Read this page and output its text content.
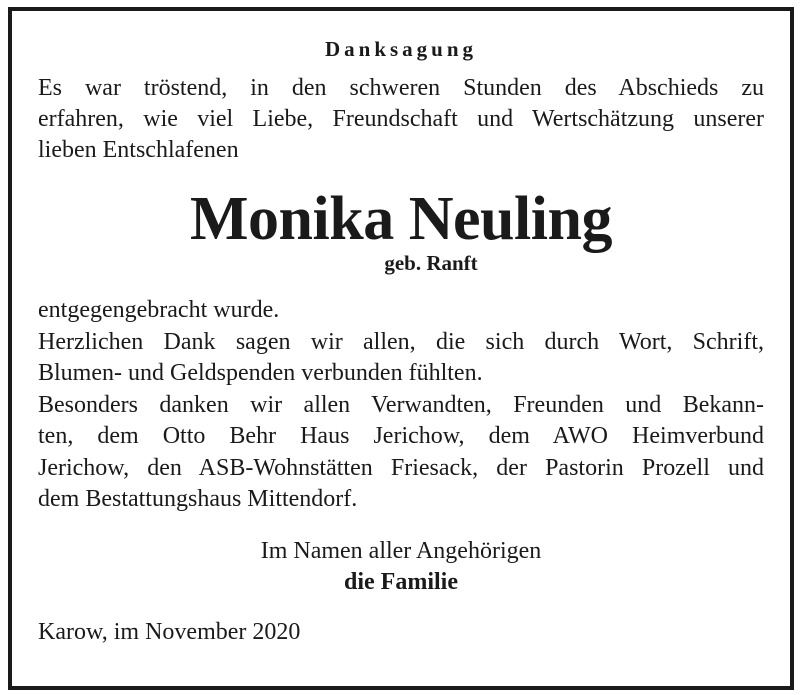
Danksagung

Es war tröstend, in den schweren Stunden des Abschieds zu
erfahren, wie viel Liebe, Freundschaft und Wertschätzung unserer
lieben Entschlafenen

Monika Neuling

geb. Ranft

entgegengebracht wurde.
Herzlichen Dank sagen wir allen, die sich durch Wort, Schrift,
Blumen- und Geldspenden verbunden fühlten.
Besonders danken wir allen Verwandten, Freunden und Bekann-
ten, dem Otto Behr Haus Jerichow, dem AWO Heimverbund
Jerichow, den ASB-Wohnstätten Friesack, der Pastorin Prozell und
dem Bestattungshaus Mittendorf.

Im Namen aller Angehörigen

die Familie

Karow, im November 2020
